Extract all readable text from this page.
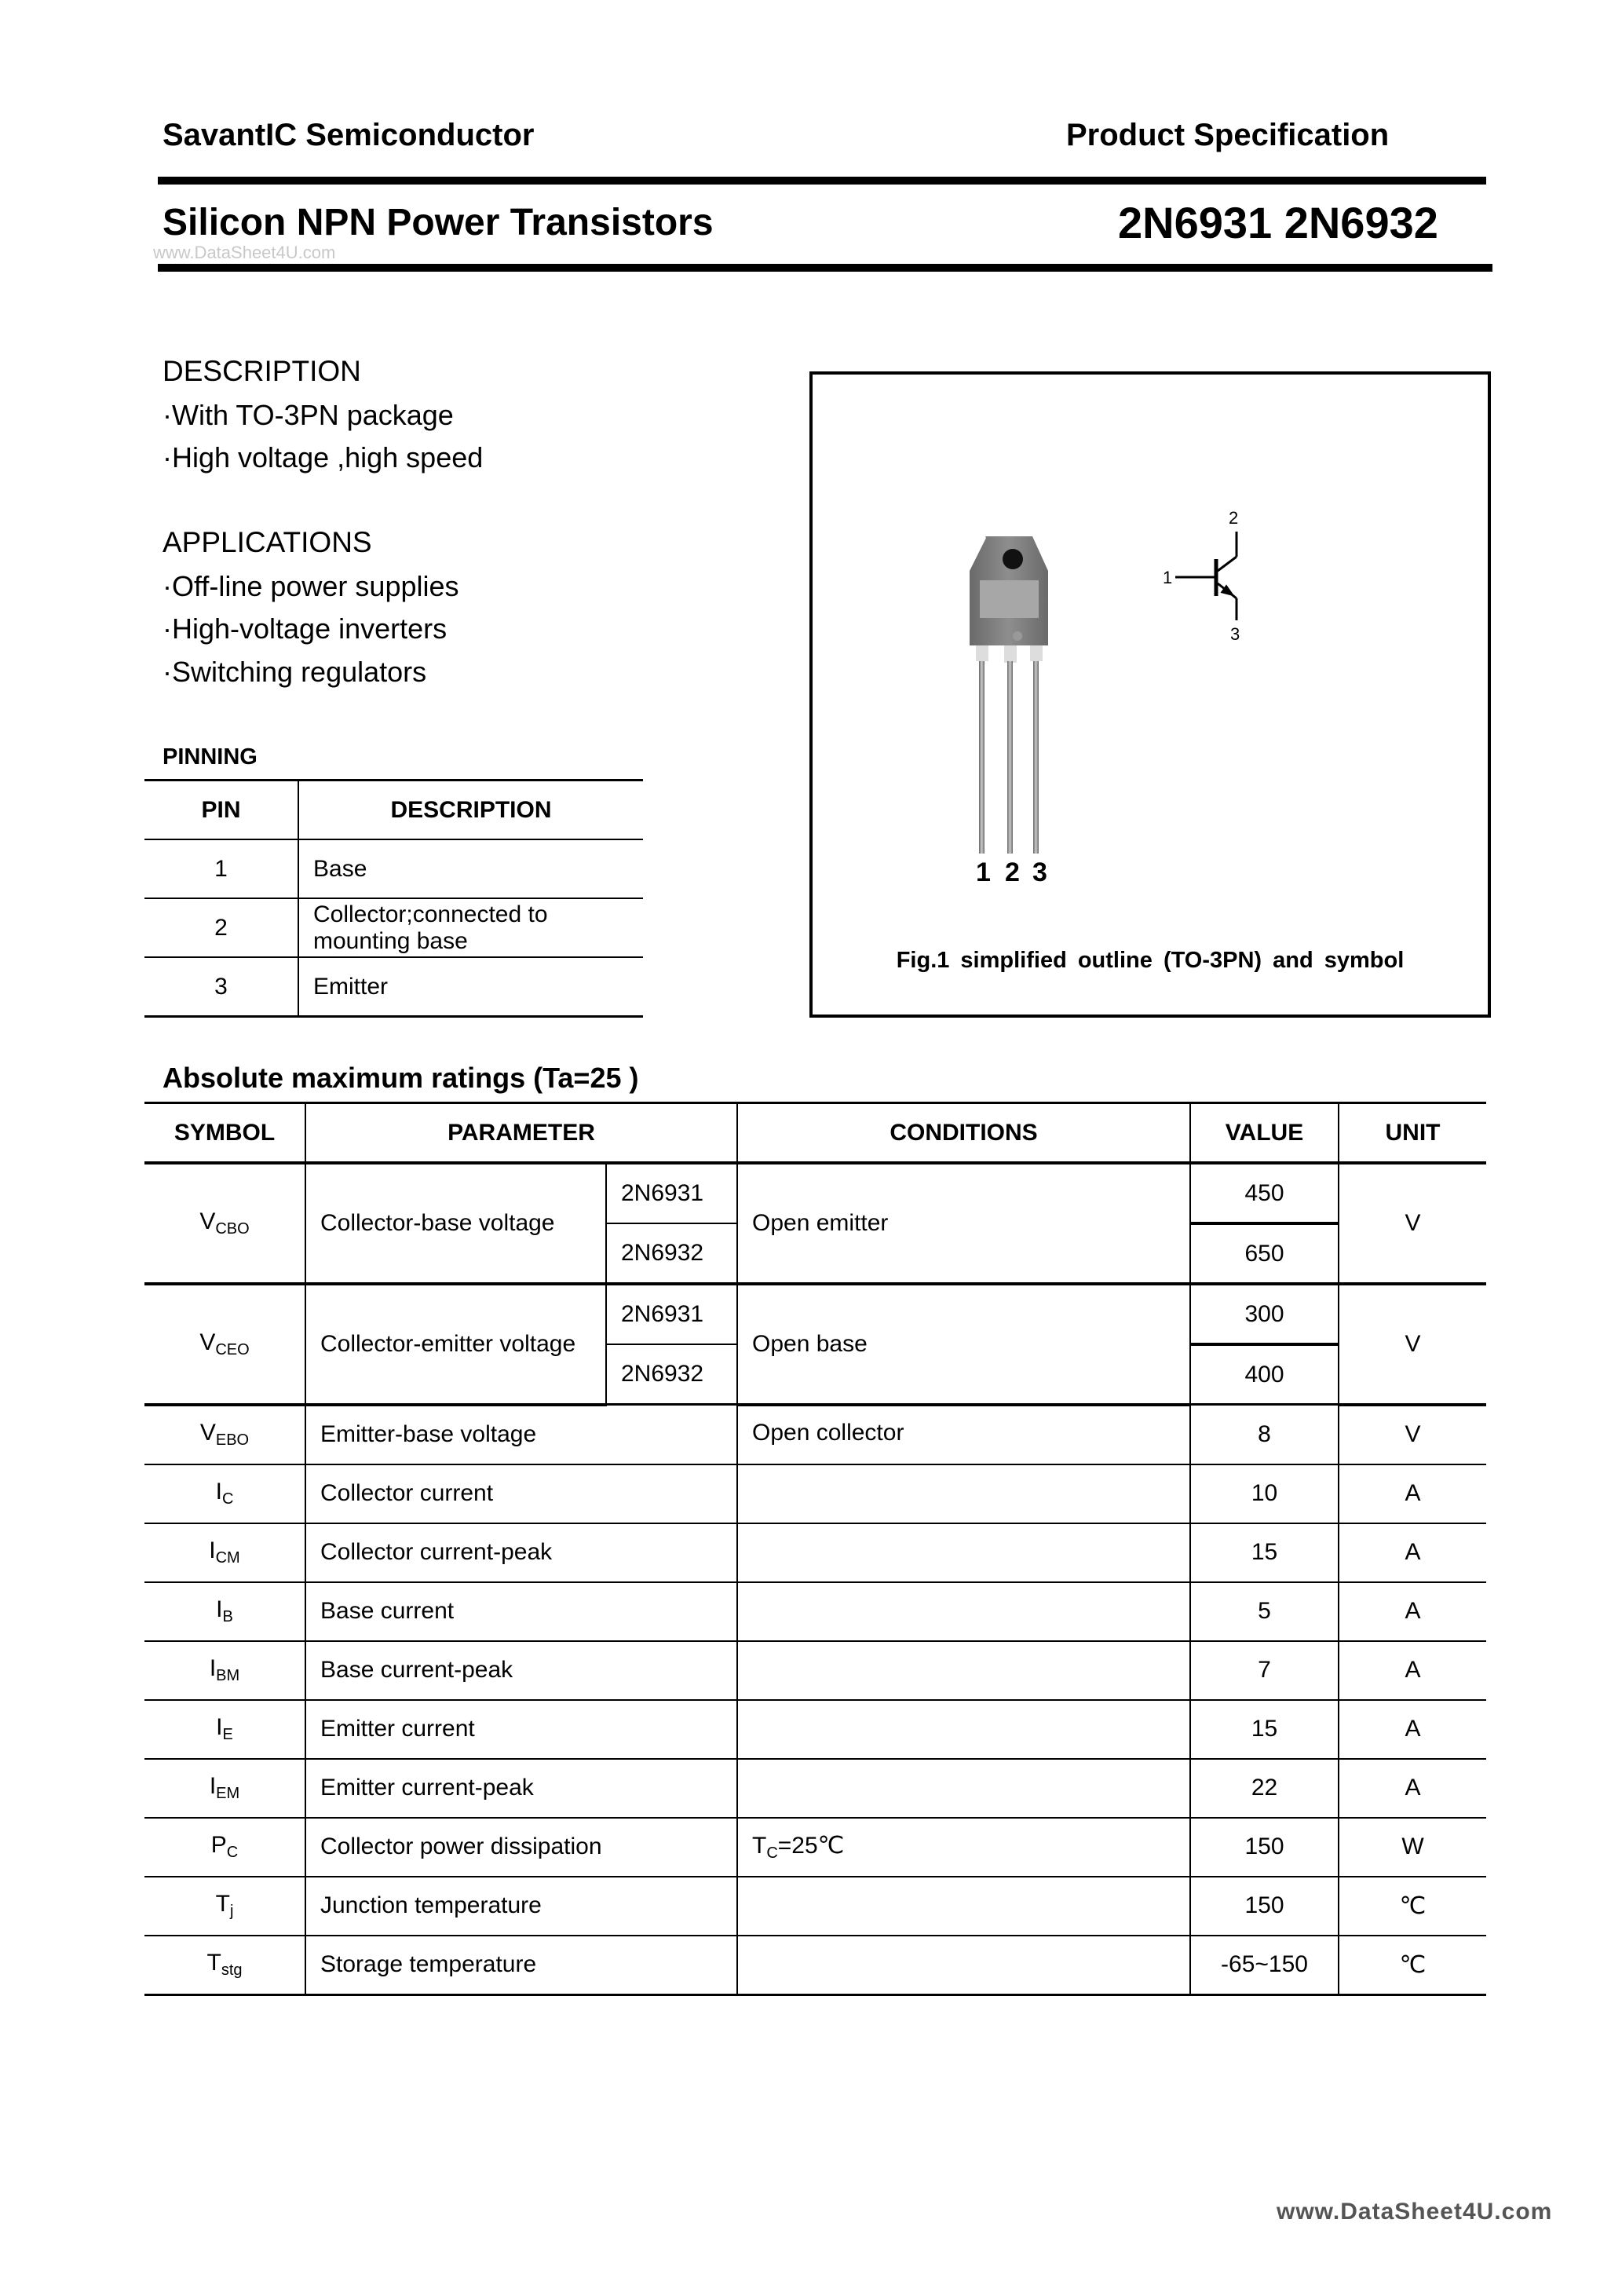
SavantIC Semiconductor	Product Specification
Silicon NPN Power Transistors	2N6931 2N6932
www.DataSheet4U.com
DESCRIPTION
·With TO-3PN package
·High voltage ,high speed
APPLICATIONS
·Off-line power supplies
·High-voltage inverters
·Switching regulators
PINNING
PIN	DESCRIPTION
1	Base
2	Collector;connected to mounting base
3	Emitter
1 2 3
2
1
3
Fig.1 simplified outline (TO-3PN) and symbol
Absolute maximum ratings (Ta=25 )
SYMBOL	PARAMETER		CONDITIONS	VALUE	UNIT
$V_{CBO}$	Collector-base voltage	2N6931	Open emitter	450	V
		2N6932		650	
$V_{CEO}$	Collector-emitter voltage	2N6931	Open base	300	V
		2N6932		400	
$V_{EBO}$	Emitter-base voltage		Open collector	8	V
$I_C$	Collector current			10	A
$I_{CM}$	Collector current-peak			15	A
$I_B$	Base current			5	A
$I_{BM}$	Base current-peak			7	A
$I_E$	Emitter current			15	A
$I_{EM}$	Emitter current-peak			22	A
$P_C$	Collector power dissipation		$T_C=25℃$	150	W
$T_j$	Junction temperature			150	℃
$T_{stg}$	Storage temperature			-65~150	℃
www.DataSheet4U.com
